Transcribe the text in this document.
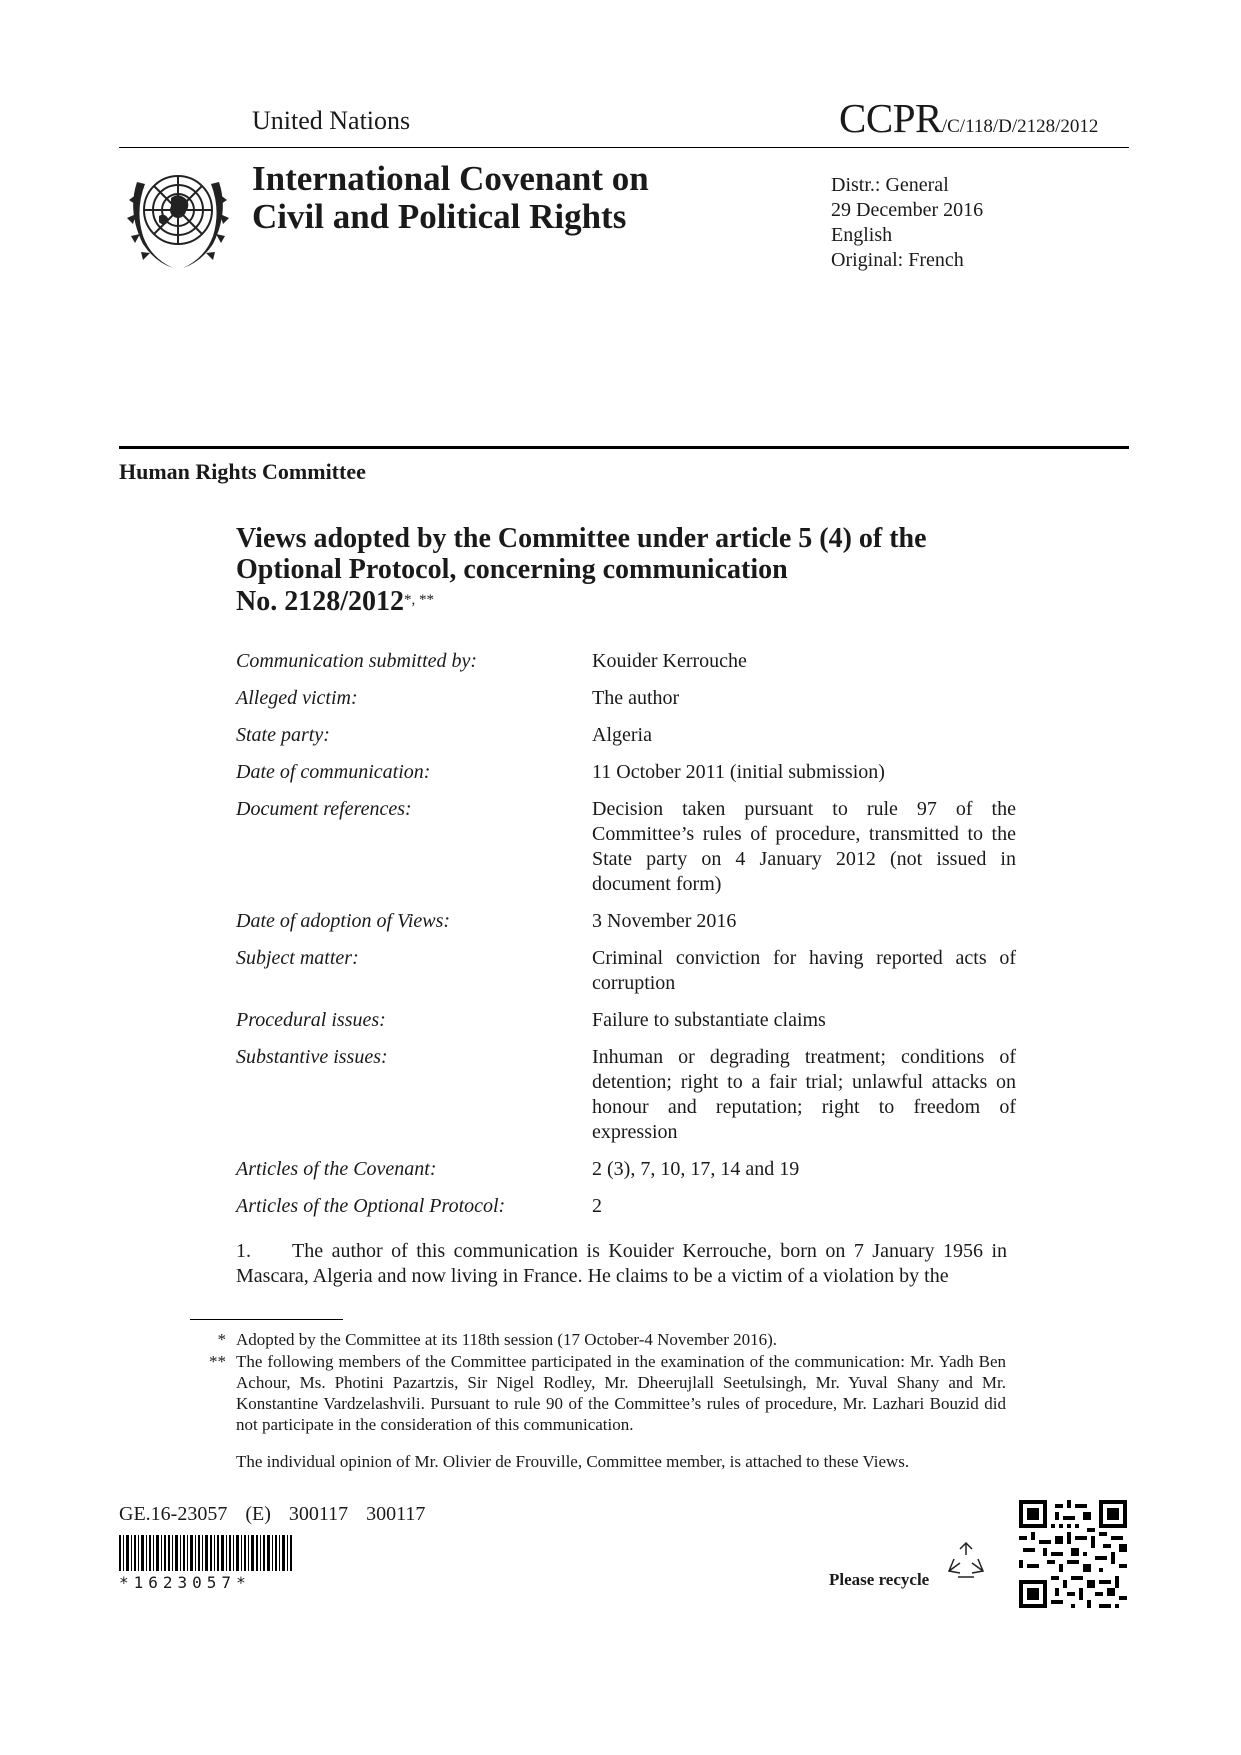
United Nations	CCPR/C/118/D/2128/2012
International Covenant on
Civil and Political Rights
Distr.: General
29 December 2016
English
Original: French
Human Rights Committee
Views adopted by the Committee under article 5 (4) of the
Optional Protocol, concerning communication
No. 2128/2012*, **
Communication submitted by:	Kouider Kerrouche
Alleged victim:	The author
State party:	Algeria
Date of communication:	11 October 2011 (initial submission)
Document references:	Decision taken pursuant to rule 97 of the Committee’s rules of procedure, transmitted to the State party on 4 January 2012 (not issued in document form)
Date of adoption of Views:	3 November 2016
Subject matter:	Criminal conviction for having reported acts of corruption
Procedural issues:	Failure to substantiate claims
Substantive issues:	Inhuman or degrading treatment; conditions of detention; right to a fair trial; unlawful attacks on honour and reputation; right to freedom of expression
Articles of the Covenant:	2 (3), 7, 10, 17, 14 and 19
Articles of the Optional Protocol:	2
1. The author of this communication is Kouider Kerrouche, born on 7 January 1956 in Mascara, Algeria and now living in France. He claims to be a victim of a violation by the
* Adopted by the Committee at its 118th session (17 October-4 November 2016).
** The following members of the Committee participated in the examination of the communication: Mr. Yadh Ben Achour, Ms. Photini Pazartzis, Sir Nigel Rodley, Mr. Dheerujlall Seetulsingh, Mr. Yuval Shany and Mr. Konstantine Vardzelashvili. Pursuant to rule 90 of the Committee’s rules of procedure, Mr. Lazhari Bouzid did not participate in the consideration of this communication.
The individual opinion of Mr. Olivier de Frouville, Committee member, is attached to these Views.
GE.16-23057 (E) 300117 300117
*1623057*	Please recycle
